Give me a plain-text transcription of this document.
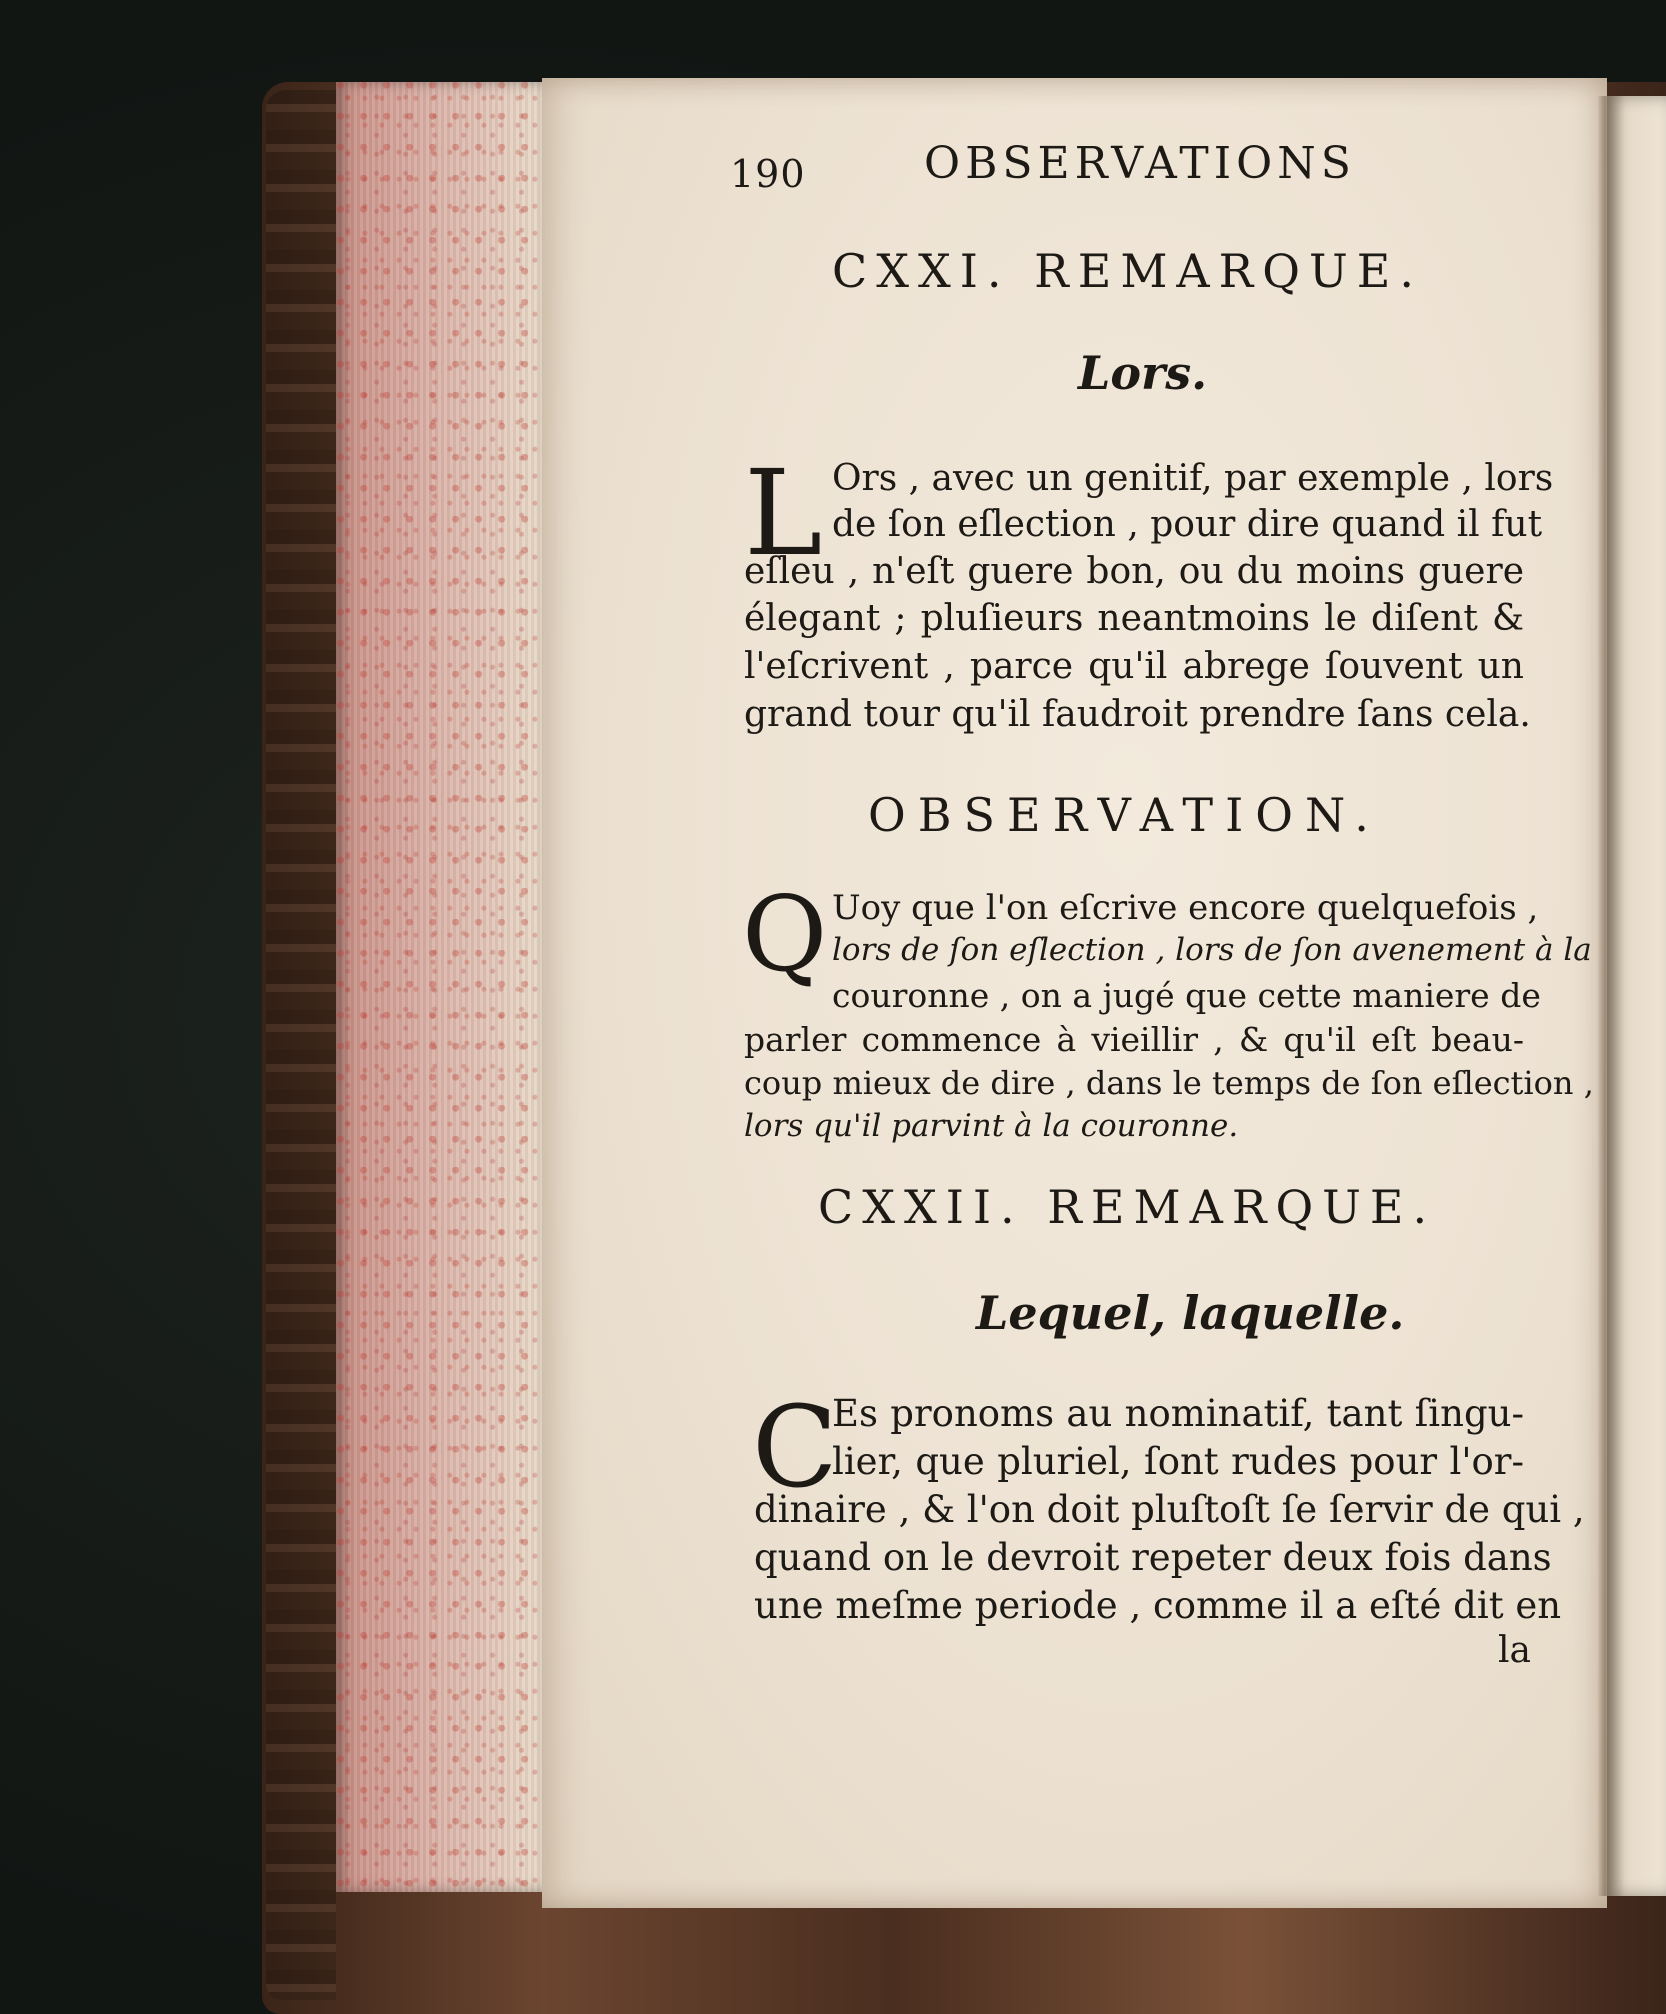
190	OBSERVATIONS
CXXI. REMARQUE.
Lors.
L Ors , avec un genitif, par exemple , lors
de ſon eſlection , pour dire quand il fut
eſleu , n'eſt guere bon, ou du moins guere
élegant ; pluſieurs neantmoins le diſent &
l'eſcrivent , parce qu'il abrege ſouvent un
grand tour qu'il faudroit prendre ſans cela.
OBSERVATION.
Q Uoy que l'on eſcrive encore quelquefois ,
lors de ſon eſlection , lors de ſon avenement à la
couronne , on a jugé que cette maniere de
parler commence à vieillir , & qu'il eſt beau-
coup mieux de dire , dans le temps de ſon eſlection ,
lors qu'il parvint à la couronne.
CXXII. REMARQUE.
Lequel, laquelle.
C
Es pronoms au nominatif, tant ſingu-
lier, que pluriel, ſont rudes pour l'or-
dinaire , & l'on doit pluſtoſt ſe ſervir de qui ,
quand on le devroit repeter deux fois dans
une meſme periode , comme il a eſté dit en
la
